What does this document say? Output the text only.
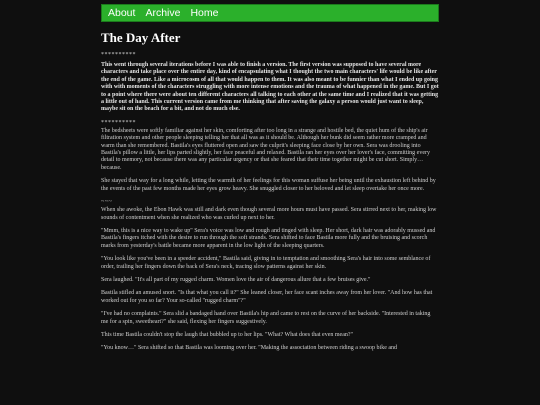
About Archive Home
The Day After
**********

This went through several iterations before I was able to finish a version. The first version was supposed to have several more characters and take place over the entire day, kind of encapsulating what I thought the two main characters' life would be like after the end of the game. Like a microcosm of all that would happen to them. It was also meant to be funnier than what I ended up going with with moments of the characters struggling with more intense emotions and the trauma of what happened in the game. But I got to a point where there were about ten different characters all talking to each other at the same time and I realized that it was getting a little out of hand. This current version came from me thinking that after saving the galaxy a person would just want to sleep, maybe sit on the beach for a bit, and not do much else.

**********

The bedsheets were softly familiar against her skin, comforting after too long in a strange and hostile bed, the quiet hum of the ship's air filtration system and other people sleeping telling her that all was as it should be. Although her bunk did seem rather more cramped and warm than she remembered. Bastila's eyes fluttered open and saw the culprit's sleeping face close by her own. Sera was drooling into Bastila's pillow a little, her lips parted slightly, her face peaceful and relaxed. Bastila ran her eyes over her lover's face, committing every detail to memory, not because there was any particular urgency or that she feared that their time together might be cut short. Simply… because.

She stayed that way for a long while, letting the warmth of her feelings for this woman suffuse her being until the exhaustion left behind by the events of the past few months made her eyes grow heavy. She snuggled closer to her beloved and let sleep overtake her once more.

~~~

When she awoke, the Ebon Hawk was still and dark even though several more hours must have passed. Sera stirred next to her, making low sounds of contentment when she realized who was curled up next to her.

"Mmm, this is a nice way to wake up" Sera's voice was low and rough and tinged with sleep. Her short, dark hair was adorably mussed and Bastila's fingers itched with the desire to run through the soft strands. Sera shifted to face Bastila more fully and the bruising and scorch marks from yesterday's battle became more apparent in the low light of the sleeping quarters.

"You look like you've been in a speeder accident," Bastila said, giving in to temptation and smoothing Sera's hair into some semblance of order, trailing her fingers down the back of Sera's neck, tracing slow patterns against her skin.

Sera laughed. "It's all part of my rugged charm. Women love the air of dangerous allure that a few bruises give."

Bastila stifled an amused snort. "Is that what you call it?" She leaned closer, her face scant inches away from her lover. "And how has that worked out for you so far? Your so-called "rugged charm"?"

"I've had no complaints." Sera slid a bandaged hand over Bastila's hip and came to rest on the curve of her backside. "Interested in taking me for a spin, sweetheart?" she said, flexing her fingers suggestively.

This time Bastila couldn't stop the laugh that bubbled up to her lips. "What? What does that even mean?"

"You know…" Sera shifted so that Bastila was looming over her. "Making the association between riding a swoop bike and
